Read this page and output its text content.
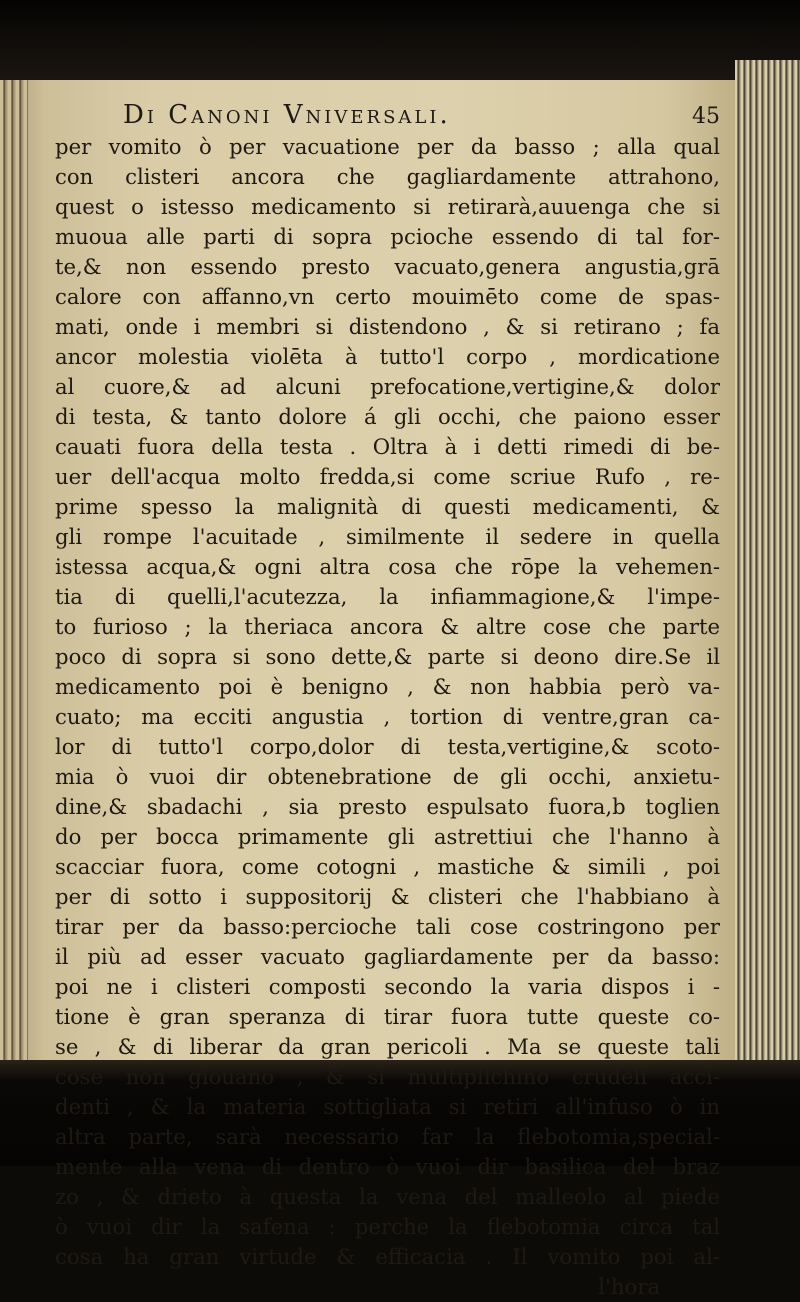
Di Canoni Vniversali.	45
per vomito ò per vacuatione per da basso ; alla qual
con clisteri ancora che gagliardamente attrahono,
quest o istesso medicamento si retirarà,auuenga che si
muoua alle parti di sopra pcioche essendo di tal for-
te,& non essendo presto vacuato,genera angustia,grā
calore con affanno,vn certo mouimēto come de spas-
mati, onde i membri si distendono , & si retirano ; fa
ancor molestia violēta à tutto'l corpo , mordicatione
al cuore,& ad alcuni prefocatione,vertigine,& dolor
di testa, & tanto dolore á gli occhi, che paiono esser
cauati fuora della testa . Oltra à i detti rimedi di be-
uer dell'acqua molto fredda,si come scriue Rufo , re-
prime spesso la malignità di questi medicamenti, &
gli rompe l'acuitade , similmente il sedere in quella
istessa acqua,& ogni altra cosa che rōpe la vehemen-
tia di quelli,l'acutezza, la infiammagione,& l'impe-
to furioso ; la theriaca ancora & altre cose che parte
poco di sopra si sono dette,& parte si deono dire.Se il
medicamento poi è benigno , & non habbia però va-
cuato; ma ecciti angustia , tortion di ventre,gran ca-
lor di tutto'l corpo,dolor di testa,vertigine,& scoto-
mia ò vuoi dir obtenebratione de gli occhi, anxietu-
dine,& sbadachi , sia presto espulsato fuora,b toglien
do per bocca primamente gli astrettiui che l'hanno à
scacciar fuora, come cotogni , mastiche & simili , poi
per di sotto i suppositorij & clisteri che l'habbiano à
tirar per da basso:percioche tali cose costringono per
il più ad esser vacuato gagliardamente per da basso:
poi ne i clisteri composti secondo la varia dispos i -
tione è gran speranza di tirar fuora tutte queste co-
se , & di liberar da gran pericoli . Ma se queste tali
cose non giouano , & si multiplichino crudeli acci-
denti , & la materia sottigliata si retiri all'infuso ò in
altra parte, sarà necessario far la flebotomia,special-
mente alla vena di dentro ò vuoi dir basilica del braz
zo , & drieto à questa la vena del malleolo al piede
ò vuoi dir la safena : perche la flebotomia circa tal
cosa ha gran virtude & efficacia . Il vomito poi al-
l'hora
